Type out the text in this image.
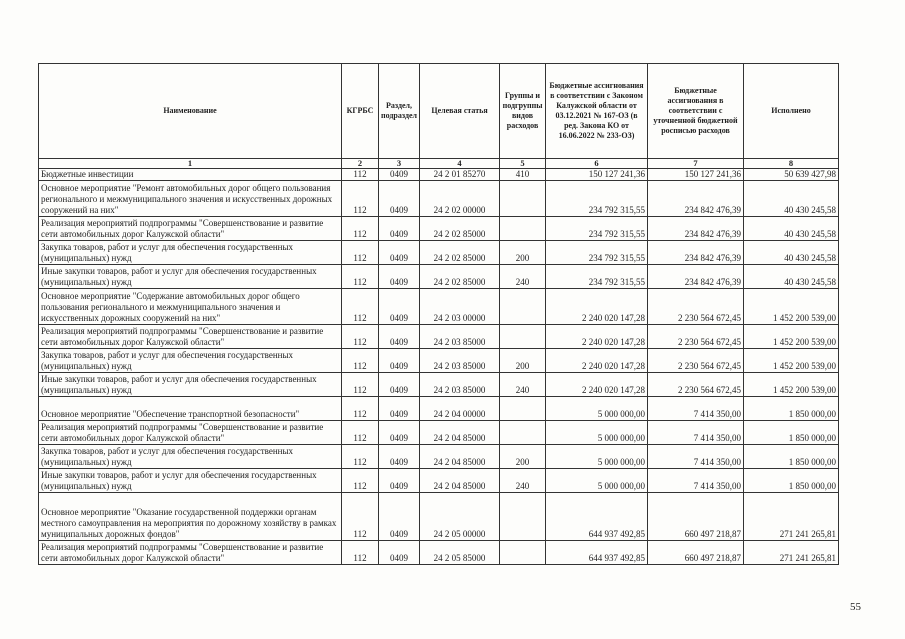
Наименование	КГРБС	Раздел, подраздел	Целевая статья	Группы и подгруппы видов расходов	Бюджетные ассигнования в соответствии с Законом Калужской области от 03.12.2021 № 167-ОЗ (в ред. Закона КО от 16.06.2022 № 233-ОЗ)	Бюджетные ассигнования в соответствии с уточненной бюджетной росписью расходов	Исполнено
1	2	3	4	5	6	7	8
Бюджетные инвестиции	112	0409	24 2 01 85270	410	150 127 241,36	150 127 241,36	50 639 427,98
Основное мероприятие "Ремонт автомобильных дорог общего пользования регионального и межмуниципального значения и искусственных дорожных сооружений на них"	112	0409	24 2 02 00000		234 792 315,55	234 842 476,39	40 430 245,58
Реализация мероприятий подпрограммы "Совершенствование и развитие сети автомобильных дорог Калужской области"	112	0409	24 2 02 85000		234 792 315,55	234 842 476,39	40 430 245,58
Закупка товаров, работ и услуг для обеспечения государственных (муниципальных) нужд	112	0409	24 2 02 85000	200	234 792 315,55	234 842 476,39	40 430 245,58
Иные закупки товаров, работ и услуг для обеспечения государственных (муниципальных) нужд	112	0409	24 2 02 85000	240	234 792 315,55	234 842 476,39	40 430 245,58
Основное мероприятие "Содержание автомобильных дорог общего пользования регионального и межмуниципального значения и искусственных дорожных сооружений на них"	112	0409	24 2 03 00000		2 240 020 147,28	2 230 564 672,45	1 452 200 539,00
Реализация мероприятий подпрограммы "Совершенствование и развитие сети автомобильных дорог Калужской области"	112	0409	24 2 03 85000		2 240 020 147,28	2 230 564 672,45	1 452 200 539,00
Закупка товаров, работ и услуг для обеспечения государственных (муниципальных) нужд	112	0409	24 2 03 85000	200	2 240 020 147,28	2 230 564 672,45	1 452 200 539,00
Иные закупки товаров, работ и услуг для обеспечения государственных (муниципальных) нужд	112	0409	24 2 03 85000	240	2 240 020 147,28	2 230 564 672,45	1 452 200 539,00
Основное мероприятие "Обеспечение транспортной безопасности"	112	0409	24 2 04 00000		5 000 000,00	7 414 350,00	1 850 000,00
Реализация мероприятий подпрограммы "Совершенствование и развитие сети автомобильных дорог Калужской области"	112	0409	24 2 04 85000		5 000 000,00	7 414 350,00	1 850 000,00
Закупка товаров, работ и услуг для обеспечения государственных (муниципальных) нужд	112	0409	24 2 04 85000	200	5 000 000,00	7 414 350,00	1 850 000,00
Иные закупки товаров, работ и услуг для обеспечения государственных (муниципальных) нужд	112	0409	24 2 04 85000	240	5 000 000,00	7 414 350,00	1 850 000,00
Основное мероприятие "Оказание государственной поддержки органам местного самоуправления на мероприятия по дорожному хозяйству в рамках муниципальных дорожных фондов"	112	0409	24 2 05 00000		644 937 492,85	660 497 218,87	271 241 265,81
Реализация мероприятий подпрограммы "Совершенствование и развитие сети автомобильных дорог Калужской области"	112	0409	24 2 05 85000		644 937 492,85	660 497 218,87	271 241 265,81
55
